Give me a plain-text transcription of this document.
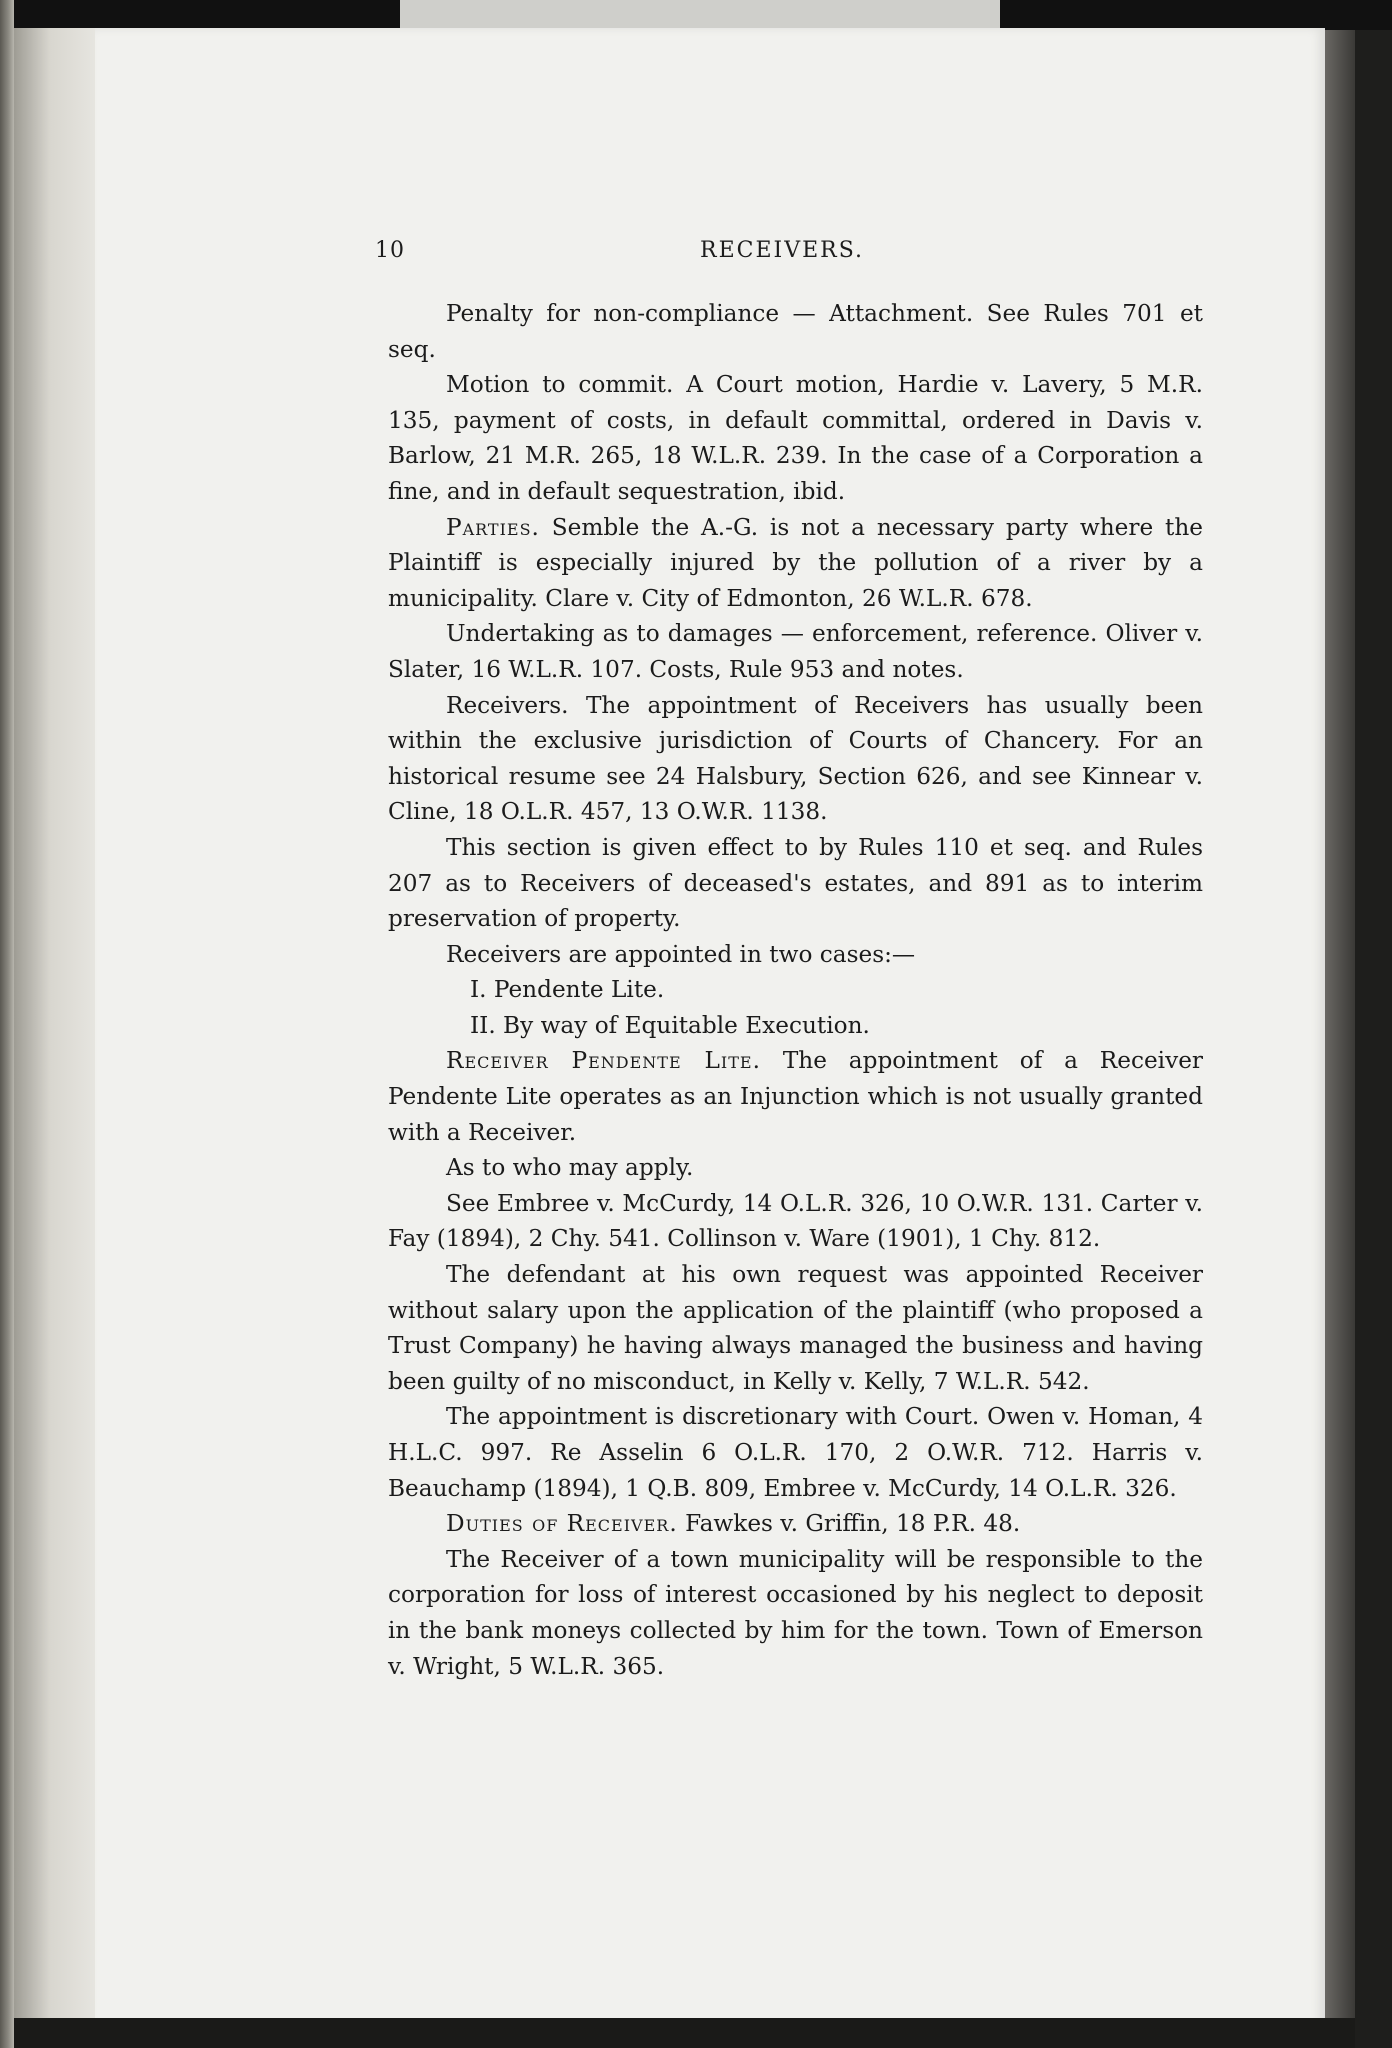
10	RECEIVERS.

Penalty for non-compliance — Attachment. See Rules 701 et seq.

Motion to commit. A Court motion, Hardie v. Lavery, 5 M.R. 135, payment of costs, in default committal, ordered in Davis v. Barlow, 21 M.R. 265, 18 W.L.R. 239. In the case of a Corporation a fine, and in default sequestration, ibid.

Parties. Semble the A.-G. is not a necessary party where the Plaintiff is especially injured by the pollution of a river by a municipality. Clare v. City of Edmonton, 26 W.L.R. 678.

Undertaking as to damages — enforcement, reference. Oliver v. Slater, 16 W.L.R. 107. Costs, Rule 953 and notes.

Receivers. The appointment of Receivers has usually been within the exclusive jurisdiction of Courts of Chancery. For an historical resume see 24 Halsbury, Section 626, and see Kinnear v. Cline, 18 O.L.R. 457, 13 O.W.R. 1138.

This section is given effect to by Rules 110 et seq. and Rules 207 as to Receivers of deceased's estates, and 891 as to interim preservation of property.

Receivers are appointed in two cases:—

I. Pendente Lite.

II. By way of Equitable Execution.

Receiver Pendente Lite. The appointment of a Receiver Pendente Lite operates as an Injunction which is not usually granted with a Receiver.

As to who may apply.

See Embree v. McCurdy, 14 O.L.R. 326, 10 O.W.R. 131. Carter v. Fay (1894), 2 Chy. 541. Collinson v. Ware (1901), 1 Chy. 812.

The defendant at his own request was appointed Receiver without salary upon the application of the plaintiff (who proposed a Trust Company) he having always managed the business and having been guilty of no misconduct, in Kelly v. Kelly, 7 W.L.R. 542.

The appointment is discretionary with Court. Owen v. Homan, 4 H.L.C. 997. Re Asselin 6 O.L.R. 170, 2 O.W.R. 712. Harris v. Beauchamp (1894), 1 Q.B. 809, Embree v. McCurdy, 14 O.L.R. 326.

Duties of Receiver. Fawkes v. Griffin, 18 P.R. 48.

The Receiver of a town municipality will be responsible to the corporation for loss of interest occasioned by his neglect to deposit in the bank moneys collected by him for the town. Town of Emerson v. Wright, 5 W.L.R. 365.
